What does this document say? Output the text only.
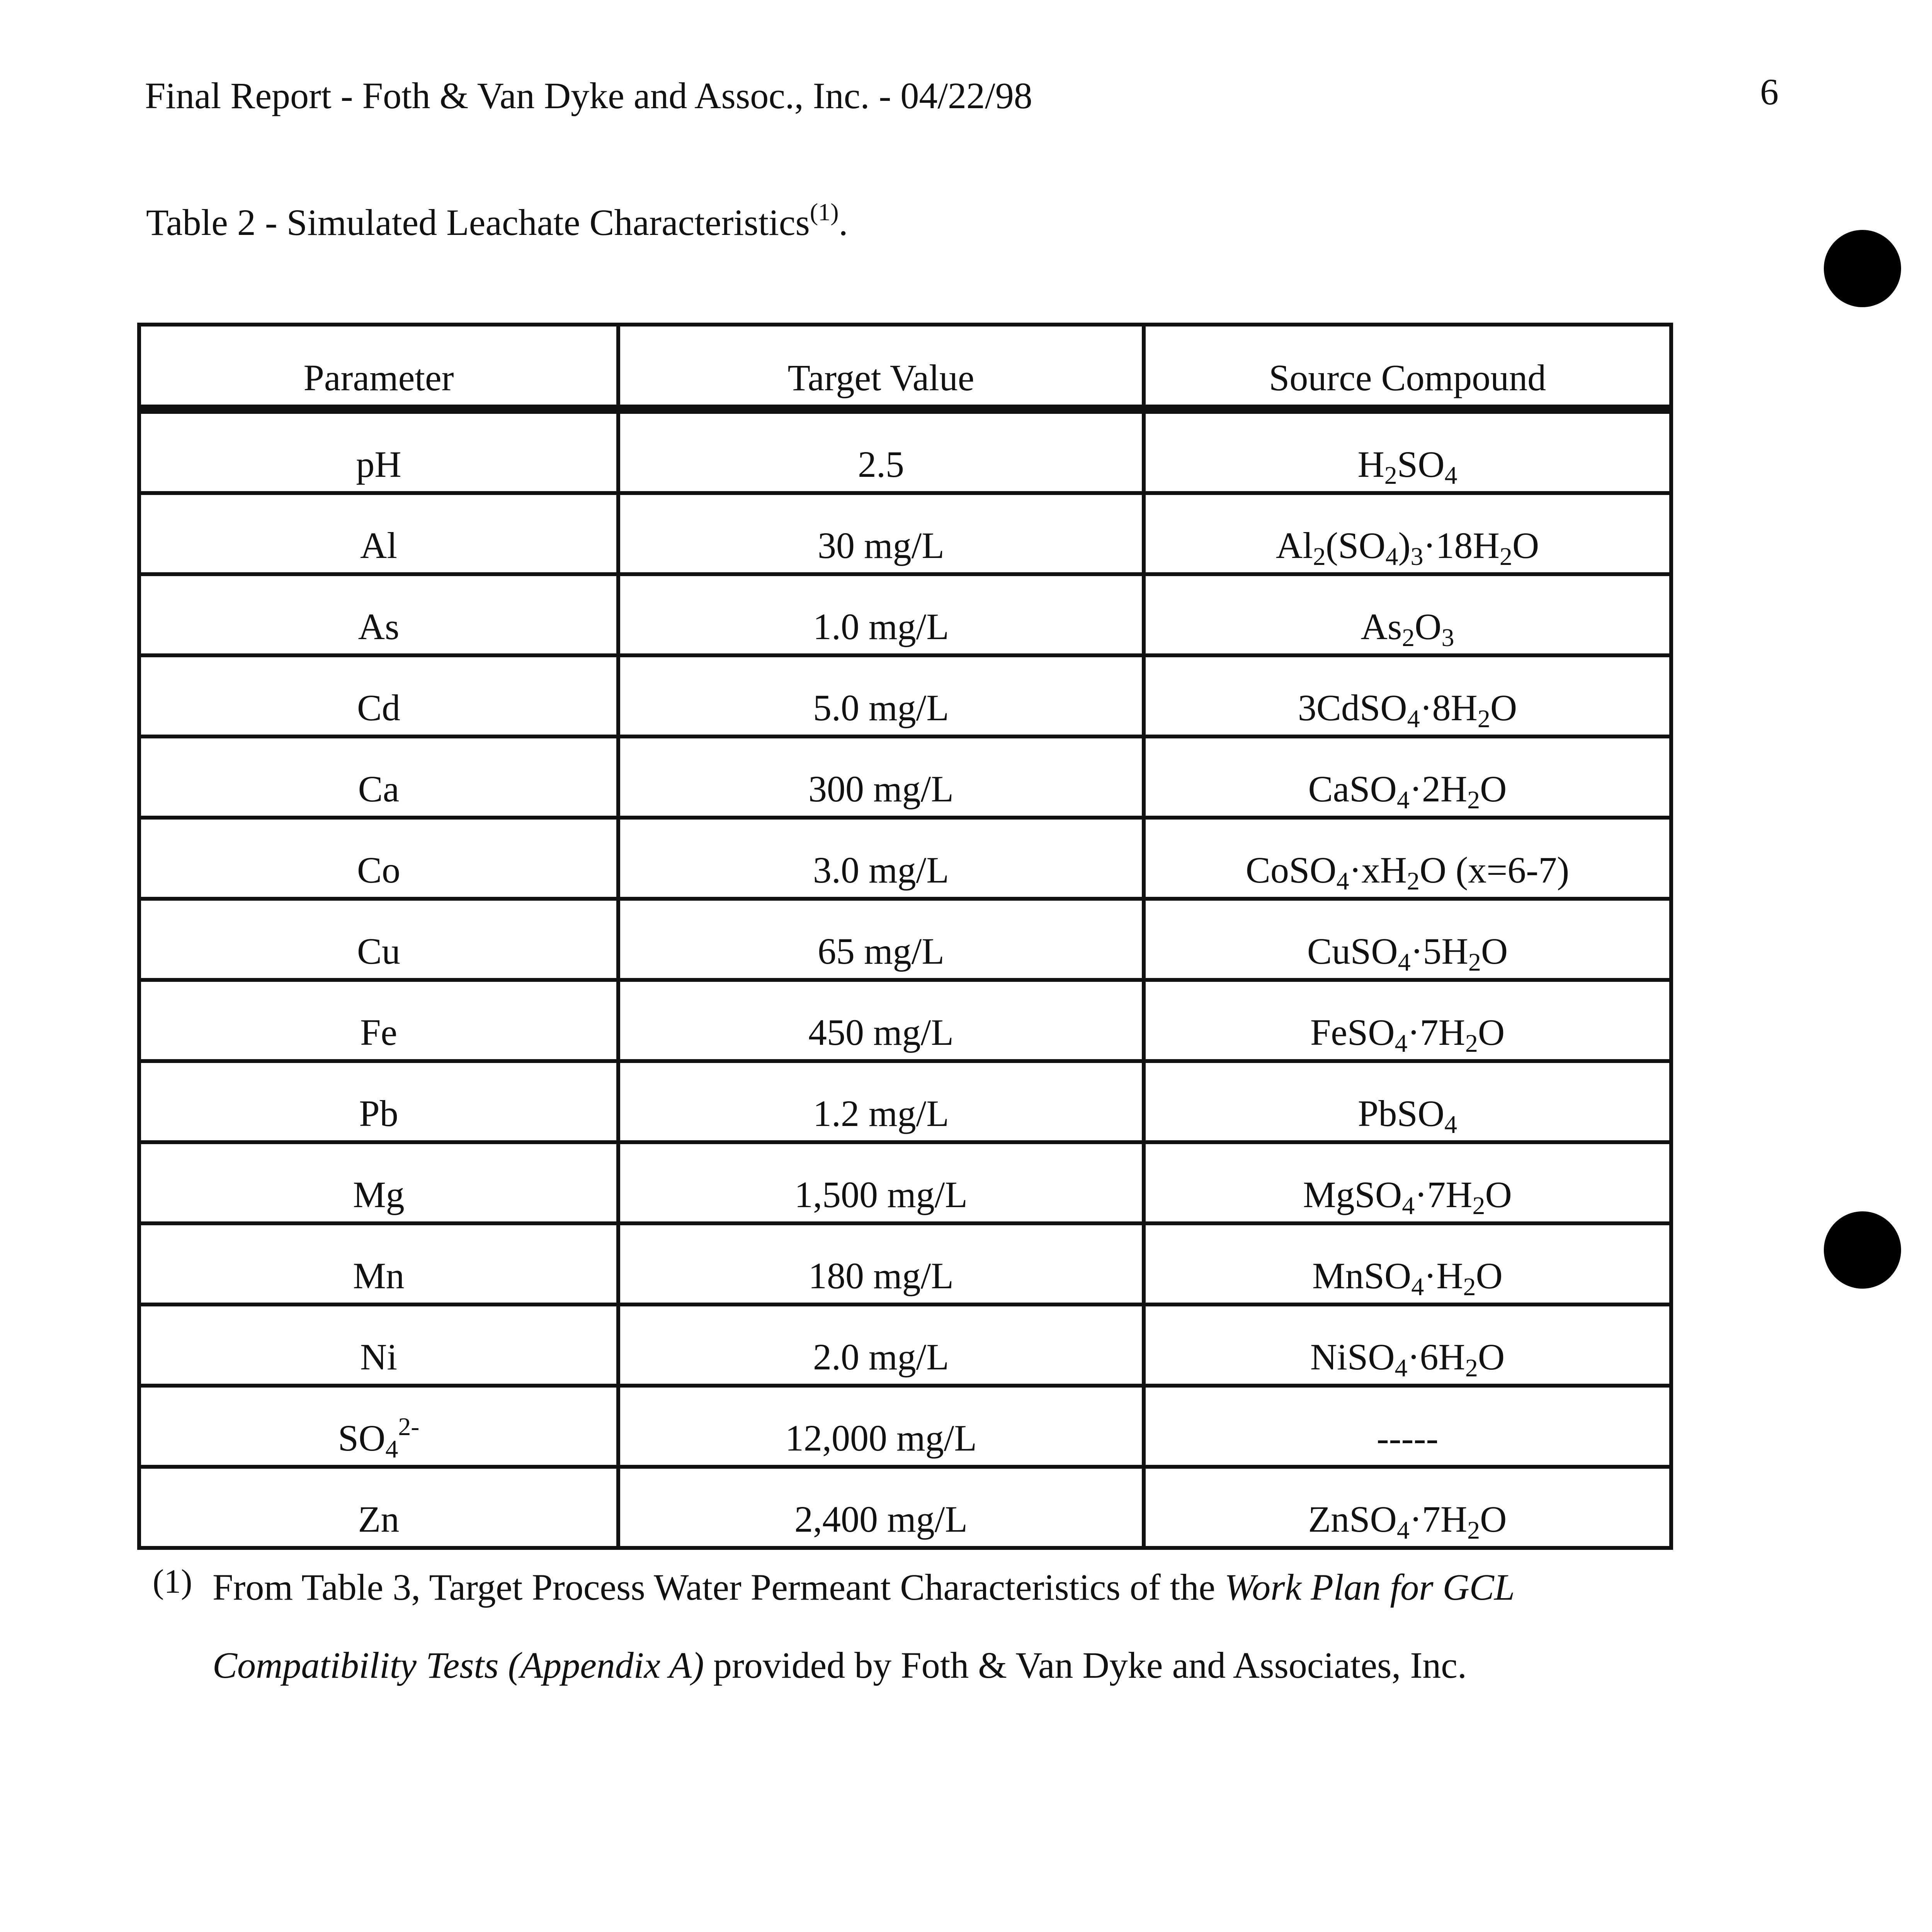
Final Report - Foth & Van Dyke and Assoc., Inc. - 04/22/98	6
Table 2 - Simulated Leachate Characteristics$^{(1)}$.
Parameter	Target Value	Source Compound
pH	2.5	$H_2SO_4$
Al	30 mg/L	$Al_2(SO_4)_3\cdot 18H_2O$
As	1.0 mg/L	$As_2O_3$
Cd	5.0 mg/L	$3CdSO_4\cdot 8H_2O$
Ca	300 mg/L	$CaSO_4\cdot 2H_2O$
Co	3.0 mg/L	$CoSO_4\cdot xH_2O$ (x=6-7)
Cu	65 mg/L	$CuSO_4\cdot 5H_2O$
Fe	450 mg/L	$FeSO_4\cdot 7H_2O$
Pb	1.2 mg/L	PbSO$_4$
Mg	1,500 mg/L	$MgSO_4\cdot 7H_2O$
Mn	180 mg/L	$MnSO_4\cdot H_2O$
Ni	2.0 mg/L	$NiSO_4\cdot 6H_2O$
$SO_4^{2-}$	12,000 mg/L	-----
Zn	2,400 mg/L	$ZnSO_4\cdot 7H_2O$
(1) From Table 3, Target Process Water Permeant Characteristics of the Work Plan for GCL
Compatibility Tests (Appendix A) provided by Foth & Van Dyke and Associates, Inc.
